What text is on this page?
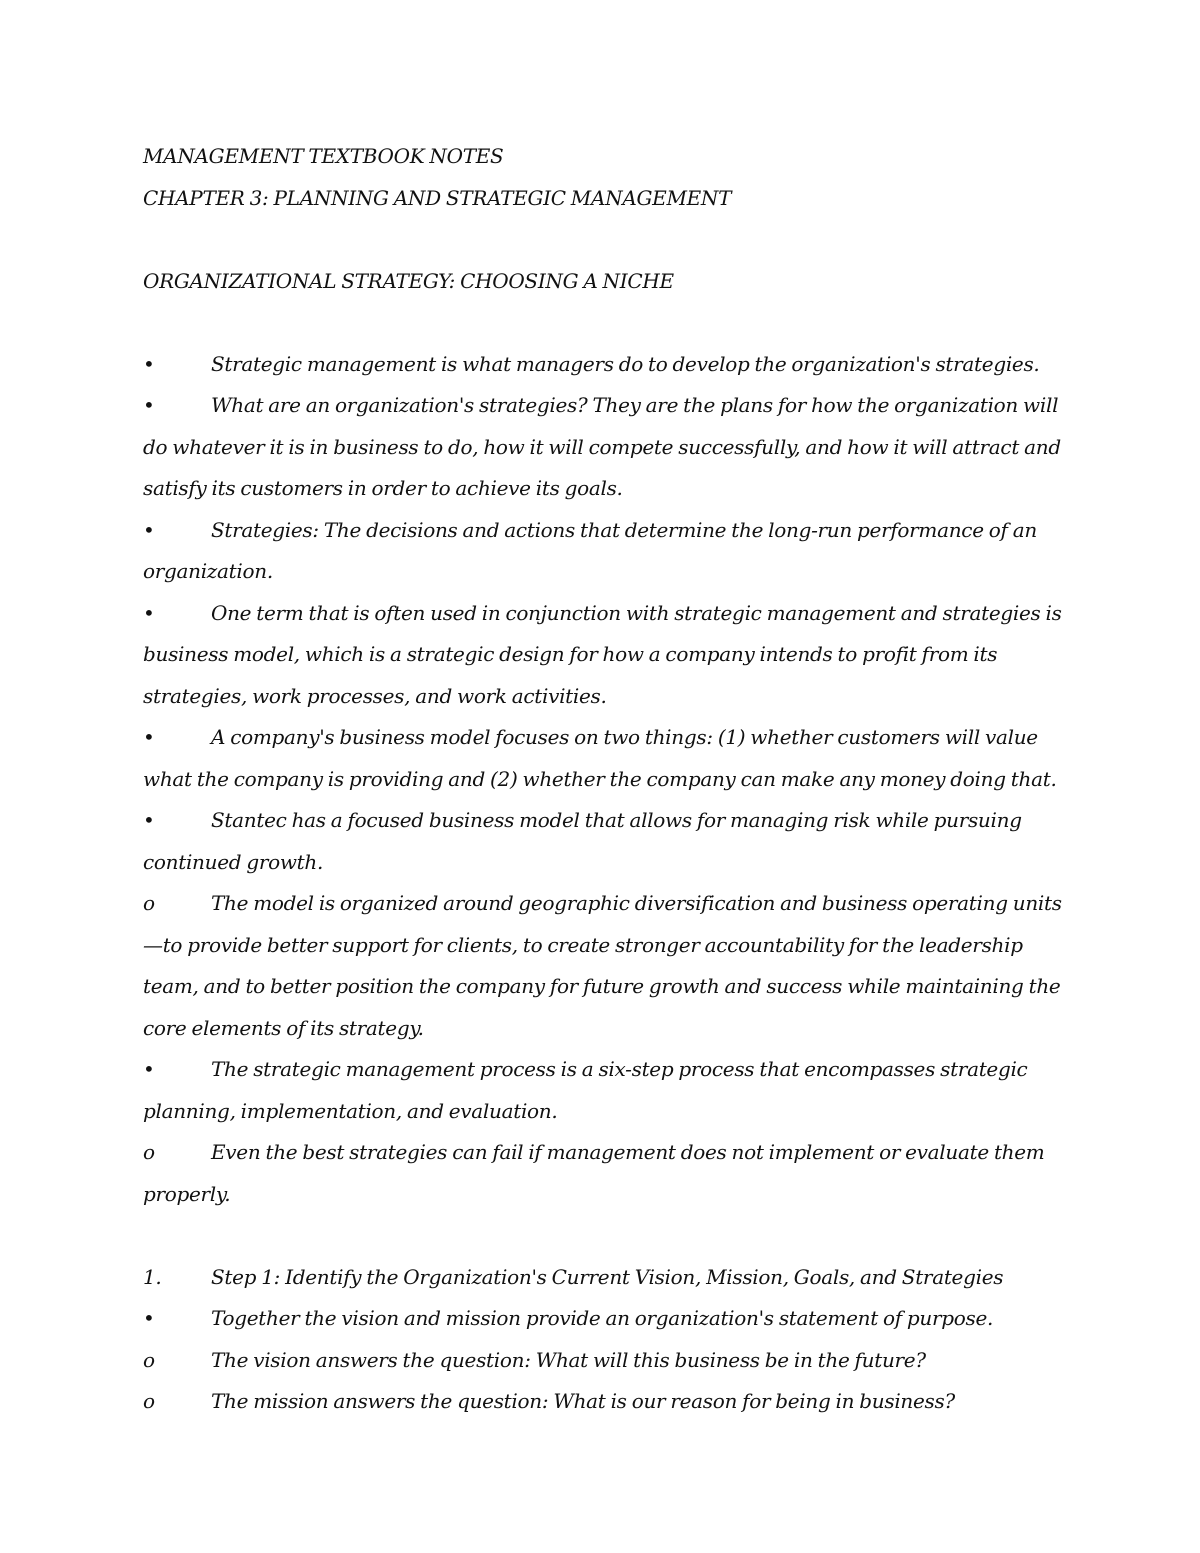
MANAGEMENT TEXTBOOK NOTES

CHAPTER 3: PLANNING AND STRATEGIC MANAGEMENT

ORGANIZATIONAL STRATEGY: CHOOSING A NICHE

•	Strategic management is what managers do to develop the organization's strategies.

•	What are an organization's strategies? They are the plans for how the organization will do whatever it is in business to do, how it will compete successfully, and how it will attract and satisfy its customers in order to achieve its goals.

•	Strategies: The decisions and actions that determine the long-run performance of an organization.

•	One term that is often used in conjunction with strategic management and strategies is business model, which is a strategic design for how a company intends to profit from its strategies, work processes, and work activities.

•	A company's business model focuses on two things: (1) whether customers will value what the company is providing and (2) whether the company can make any money doing that.

•	Stantec has a focused business model that allows for managing risk while pursuing continued growth.

o	The model is organized around geographic diversification and business operating units —to provide better support for clients, to create stronger accountability for the leadership team, and to better position the company for future growth and success while maintaining the core elements of its strategy.

•	The strategic management process is a six-step process that encompasses strategic planning, implementation, and evaluation.

o	Even the best strategies can fail if management does not implement or evaluate them properly.

1. Step 1: Identify the Organization's Current Vision, Mission, Goals, and Strategies

•	Together the vision and mission provide an organization's statement of purpose.

o	The vision answers the question: What will this business be in the future?

o	The mission answers the question: What is our reason for being in business?
